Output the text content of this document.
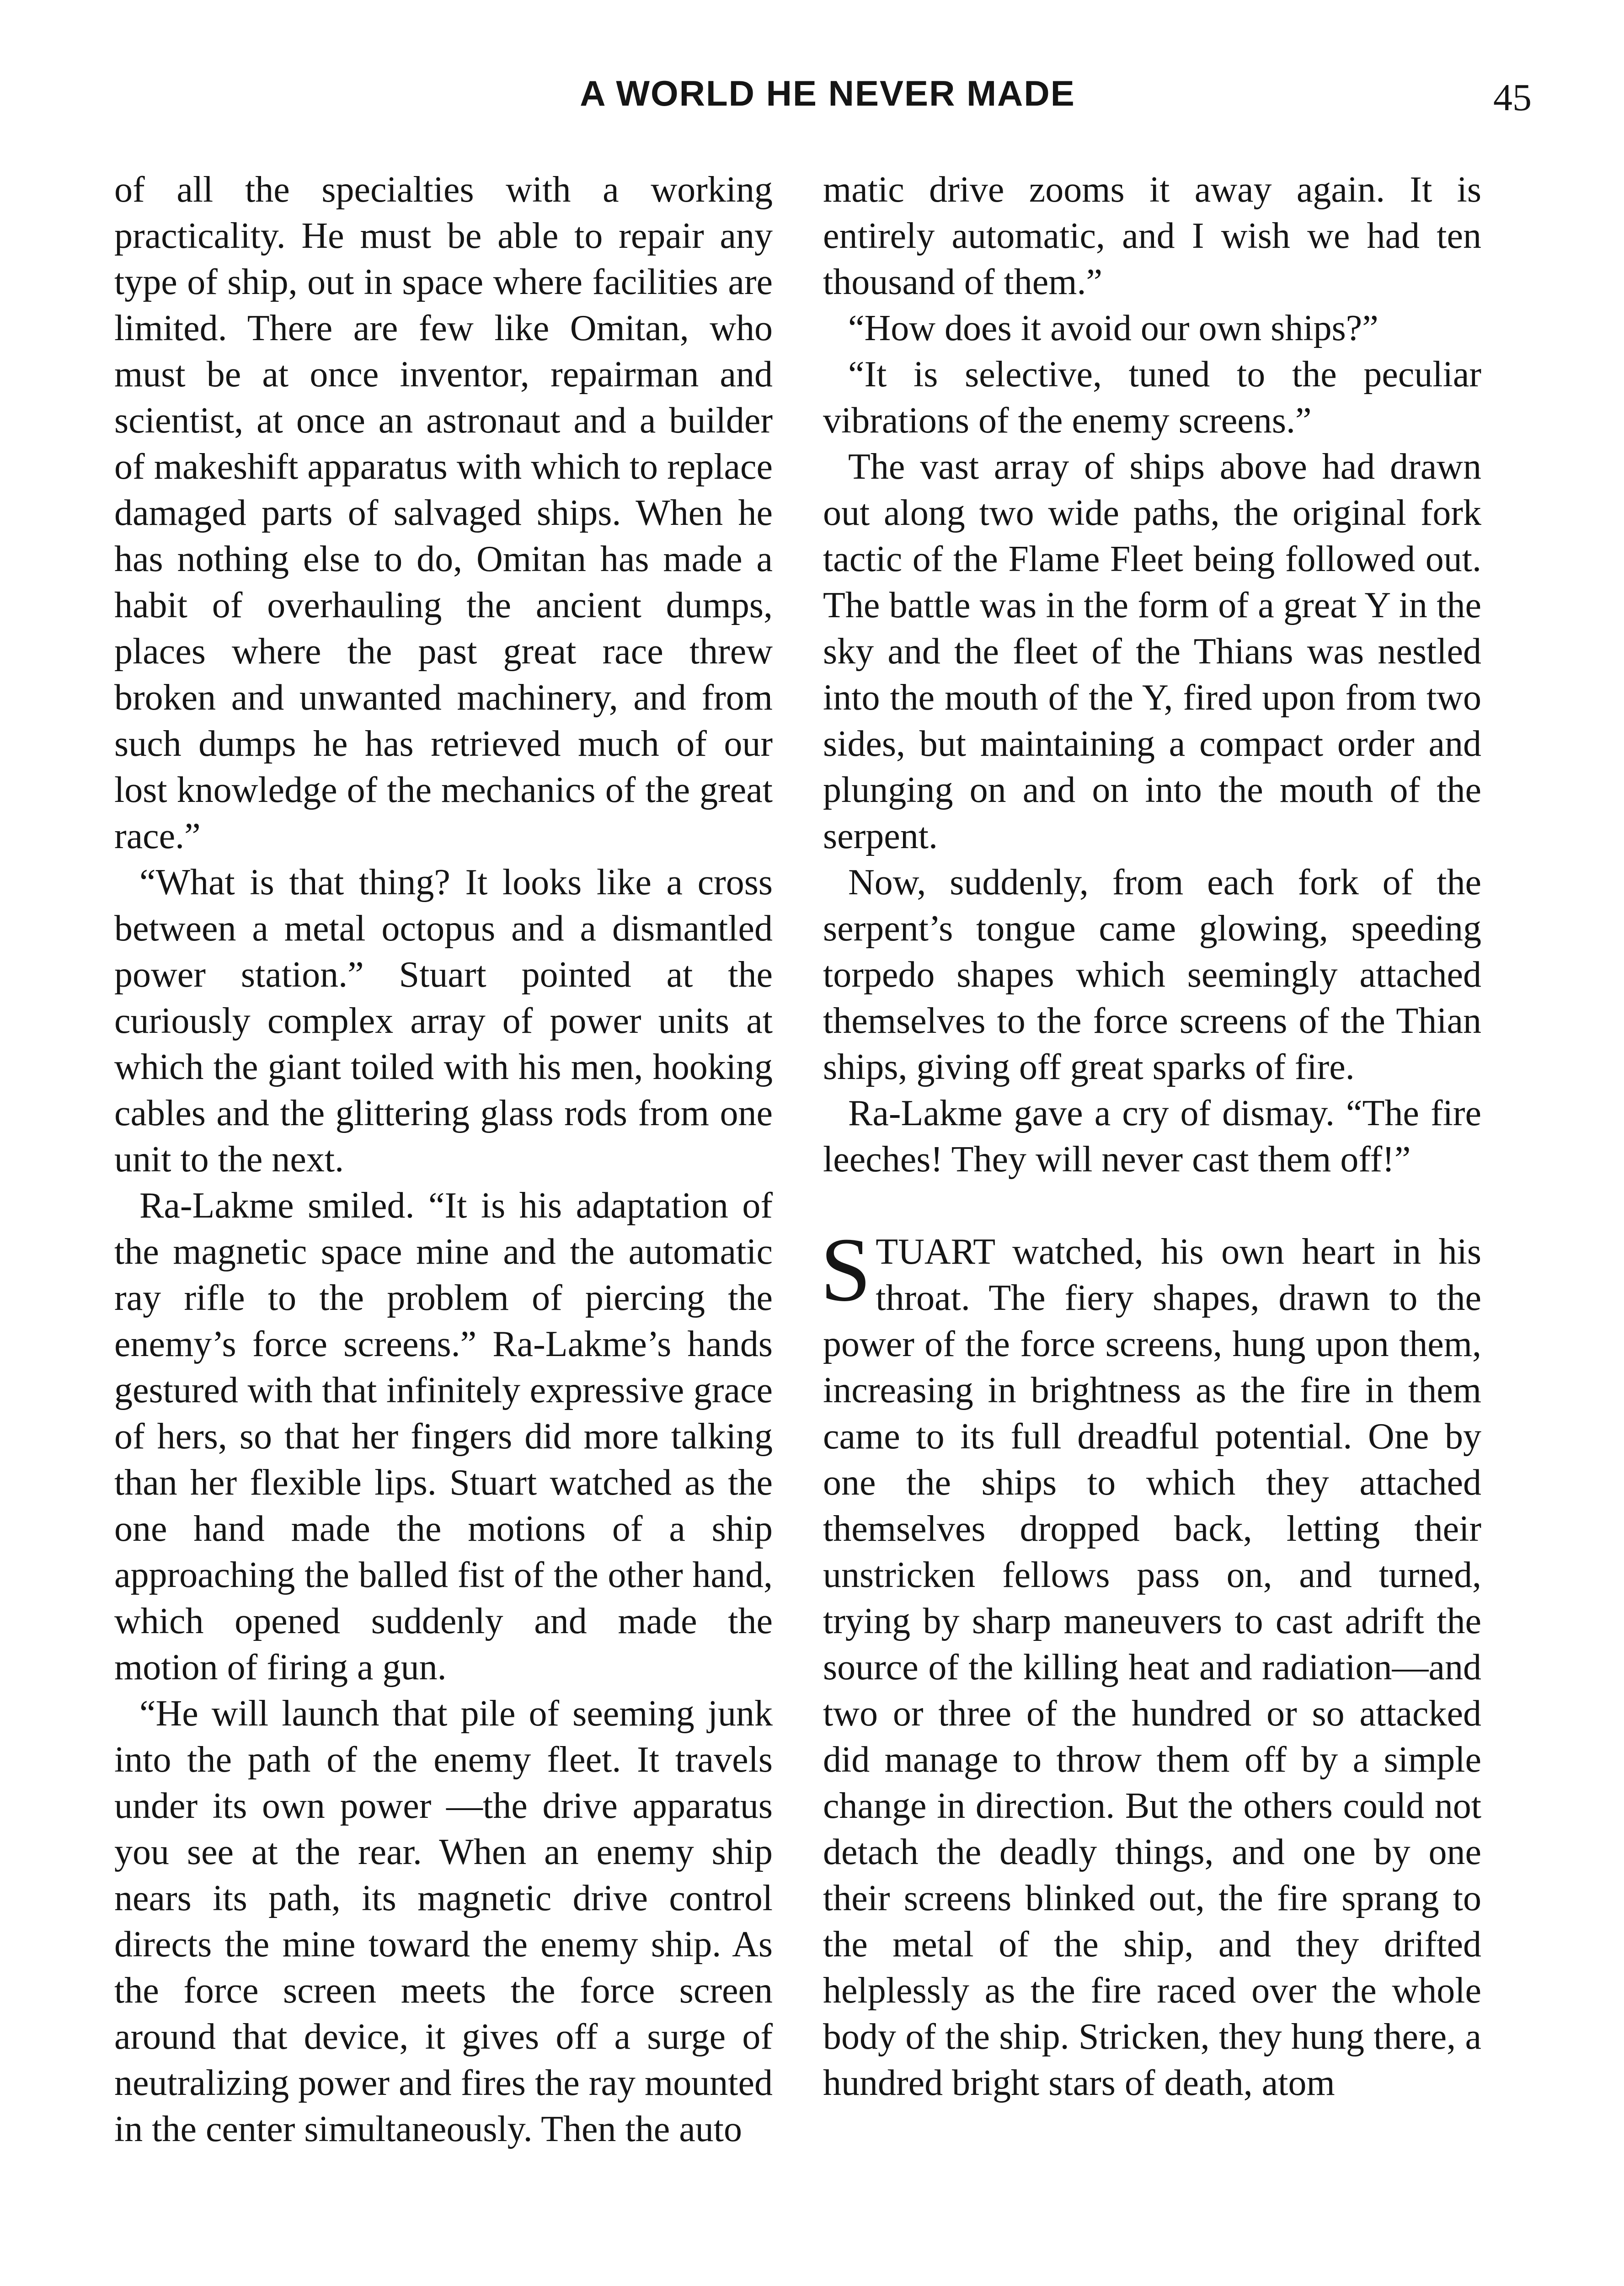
A WORLD HE NEVER MADE	45

of all the specialties with a working practicality. He must be able to repair any type of ship, out in space where facilities are limited. There are few like Omitan, who must be at once inventor, repairman and scientist, at once an astronaut and a builder of makeshift apparatus with which to replace damaged parts of salvaged ships. When he has nothing else to do, Omitan has made a habit of overhauling the ancient dumps, places where the past great race threw broken and unwanted machinery, and from such dumps he has retrieved much of our lost knowledge of the mechanics of the great race.”

“What is that thing? It looks like a cross between a metal octopus and a dismantled power station.” Stuart pointed at the curiously complex array of power units at which the giant toiled with his men, hooking cables and the glittering glass rods from one unit to the next.

Ra-Lakme smiled. “It is his adaptation of the magnetic space mine and the automatic ray rifle to the problem of piercing the enemy’s force screens.” Ra-Lakme’s hands gestured with that infinitely expressive grace of hers, so that her fingers did more talking than her flexible lips. Stuart watched as the one hand made the motions of a ship approaching the balled fist of the other hand, which opened suddenly and made the motion of firing a gun.

“He will launch that pile of seeming junk into the path of the enemy fleet. It travels under its own power —the drive apparatus you see at the rear. When an enemy ship nears its path, its magnetic drive control directs the mine toward the enemy ship. As the force screen meets the force screen around that device, it gives off a surge of neutralizing power and fires the ray mounted in the center simultaneously. Then the auto

matic drive zooms it away again. It is entirely automatic, and I wish we had ten thousand of them.”

“How does it avoid our own ships?”

“It is selective, tuned to the peculiar vibrations of the enemy screens.”

The vast array of ships above had drawn out along two wide paths, the original fork tactic of the Flame Fleet being followed out. The battle was in the form of a great Y in the sky and the fleet of the Thians was nestled into the mouth of the Y, fired upon from two sides, but maintaining a compact order and plunging on and on into the mouth of the serpent.

Now, suddenly, from each fork of the serpent’s tongue came glowing, speeding torpedo shapes which seemingly attached themselves to the force screens of the Thian ships, giving off great sparks of fire.

Ra-Lakme gave a cry of dismay. “The fire leeches! They will never cast them off!”

STUART watched, his own heart in his throat. The fiery shapes, drawn to the power of the force screens, hung upon them, increasing in brightness as the fire in them came to its full dreadful potential. One by one the ships to which they attached themselves dropped back, letting their unstricken fellows pass on, and turned, trying by sharp maneuvers to cast adrift the source of the killing heat and radiation—and two or three of the hundred or so attacked did manage to throw them off by a simple change in direction. But the others could not detach the deadly things, and one by one their screens blinked out, the fire sprang to the metal of the ship, and they drifted helplessly as the fire raced over the whole body of the ship. Stricken, they hung there, a hundred bright stars of death, atom
